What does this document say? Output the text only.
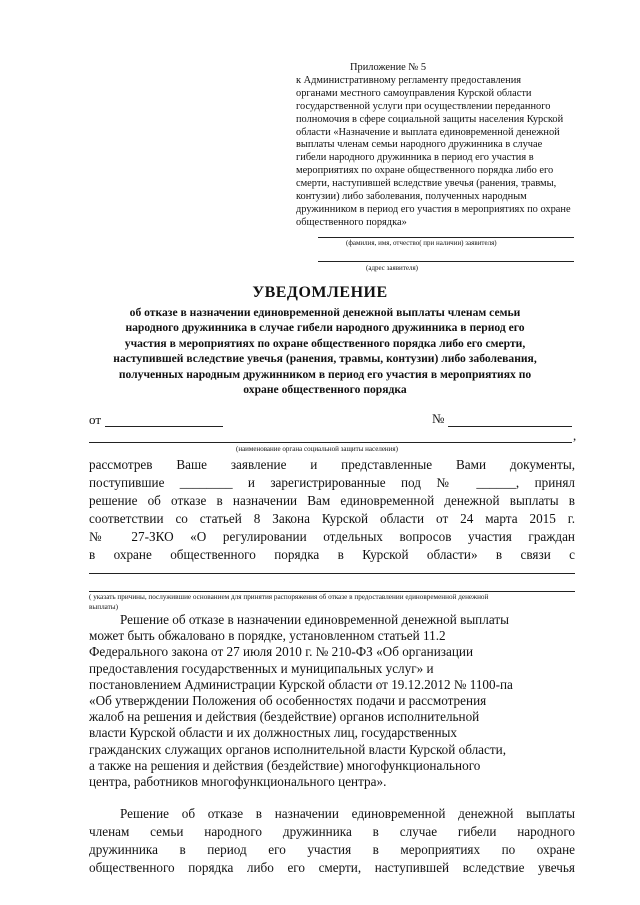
Приложение № 5
к Административному регламенту предоставления
органами местного самоуправления Курской области
государственной услуги при осуществлении переданного
полномочия в сфере социальной защиты населения Курской
области «Назначение и выплата единовременной денежной
выплаты членам семьи народного дружинника в случае
гибели народного дружинника в период его участия в
мероприятиях по охране общественного порядка либо его
смерти, наступившей вследствие увечья (ранения, травмы,
контузии) либо заболевания, полученных народным
дружинником в период его участия в мероприятиях по охране
общественного порядка»
(фамилия, имя, отчество( при наличии) заявителя)
(адрес заявителя)
УВЕДОМЛЕНИЕ
об отказе в назначении единовременной денежной выплаты членам семьи
народного дружинника в случае гибели народного дружинника в период его
участия в мероприятиях по охране общественного порядка либо его смерти,
наступившей вследствие увечья (ранения, травмы, контузии) либо заболевания,
полученных народным дружинником в период его участия в мероприятиях по
охране общественного порядка
от	№
,
(наименование органа социальной защиты населения)
рассмотрев Ваше заявление и представленные Вами документы,
поступившие ________ и зарегистрированные под № ______, принял
решение об отказе в назначении Вам единовременной денежной выплаты в
соответствии со статьей 8 Закона Курской области от 24 марта 2015 г.
№ 27-ЗКО «О регулировании отдельных вопросов участия граждан
в охране общественного порядка в Курской области» в связи с
( указать причины, послужившие основанием для принятия распоряжения об отказе в предоставлении единовременной денежной
выплаты)
Решение об отказе в назначении единовременной денежной выплаты
может быть обжаловано в порядке, установленном статьей 11.2
Федерального закона от 27 июля 2010 г. № 210-ФЗ «Об организации
предоставления государственных и муниципальных услуг» и
постановлением Администрации Курской области от 19.12.2012 № 1100-па
«Об утверждении Положения об особенностях подачи и рассмотрения
жалоб на решения и действия (бездействие) органов исполнительной
власти Курской области и их должностных лиц, государственных
гражданских служащих органов исполнительной власти Курской области,
а также на решения и действия (бездействие) многофункционального
центра, работников многофункционального центра».
Решение об отказе в назначении единовременной денежной выплаты
членам семьи народного дружинника в случае гибели народного
дружинника в период его участия в мероприятиях по охране
общественного порядка либо его смерти, наступившей вследствие увечья
